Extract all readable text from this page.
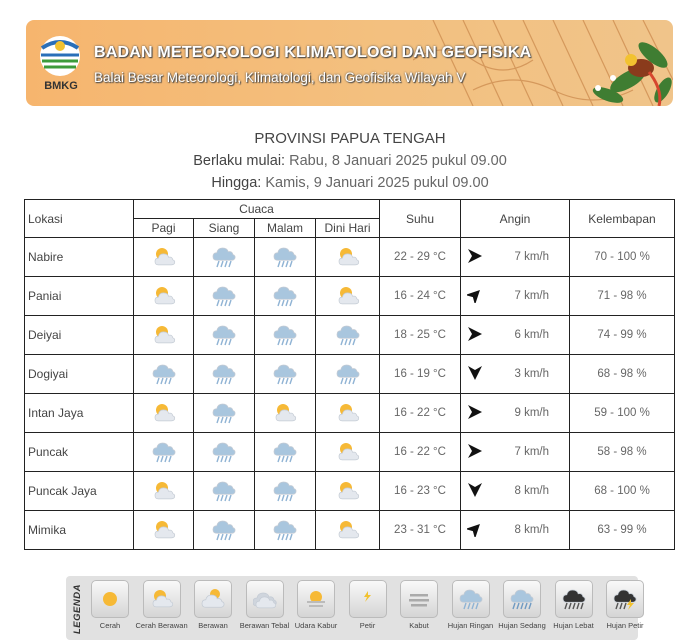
BMKG
BADAN METEOROLOGI KLIMATOLOGI DAN GEOFISIKA
Balai Besar Meteorologi, Klimatologi, dan Geofisika Wilayah V
PROVINSI PAPUA TENGAH
Berlaku mulai: Rabu, 8 Januari 2025 pukul 09.00
Hingga: Kamis, 9 Januari 2025 pukul 09.00
Lokasi	Cuaca				Suhu	Angin	Kelembapan
	Pagi	Siang	Malam	Dini Hari			
Nabire					22 - 29 °C	7 km/h	70 - 100 %
Paniai					16 - 24 °C	7 km/h	71 - 98 %
Deiyai					18 - 25 °C	6 km/h	74 - 99 %
Dogiyai					16 - 19 °C	3 km/h	68 - 98 %
Intan Jaya					16 - 22 °C	9 km/h	59 - 100 %
Puncak					16 - 22 °C	7 km/h	58 - 98 %
Puncak Jaya					16 - 23 °C	8 km/h	68 - 100 %
Mimika					23 - 31 °C	8 km/h	63 - 99 %
LEGENDA	Cerah	Cerah Berawan	Berawan	Berawan Tebal Udara Kabur	Petir	Kabut	Hujan Ringan Hujan Sedang	Hujan Lebat	Hujan Petir
